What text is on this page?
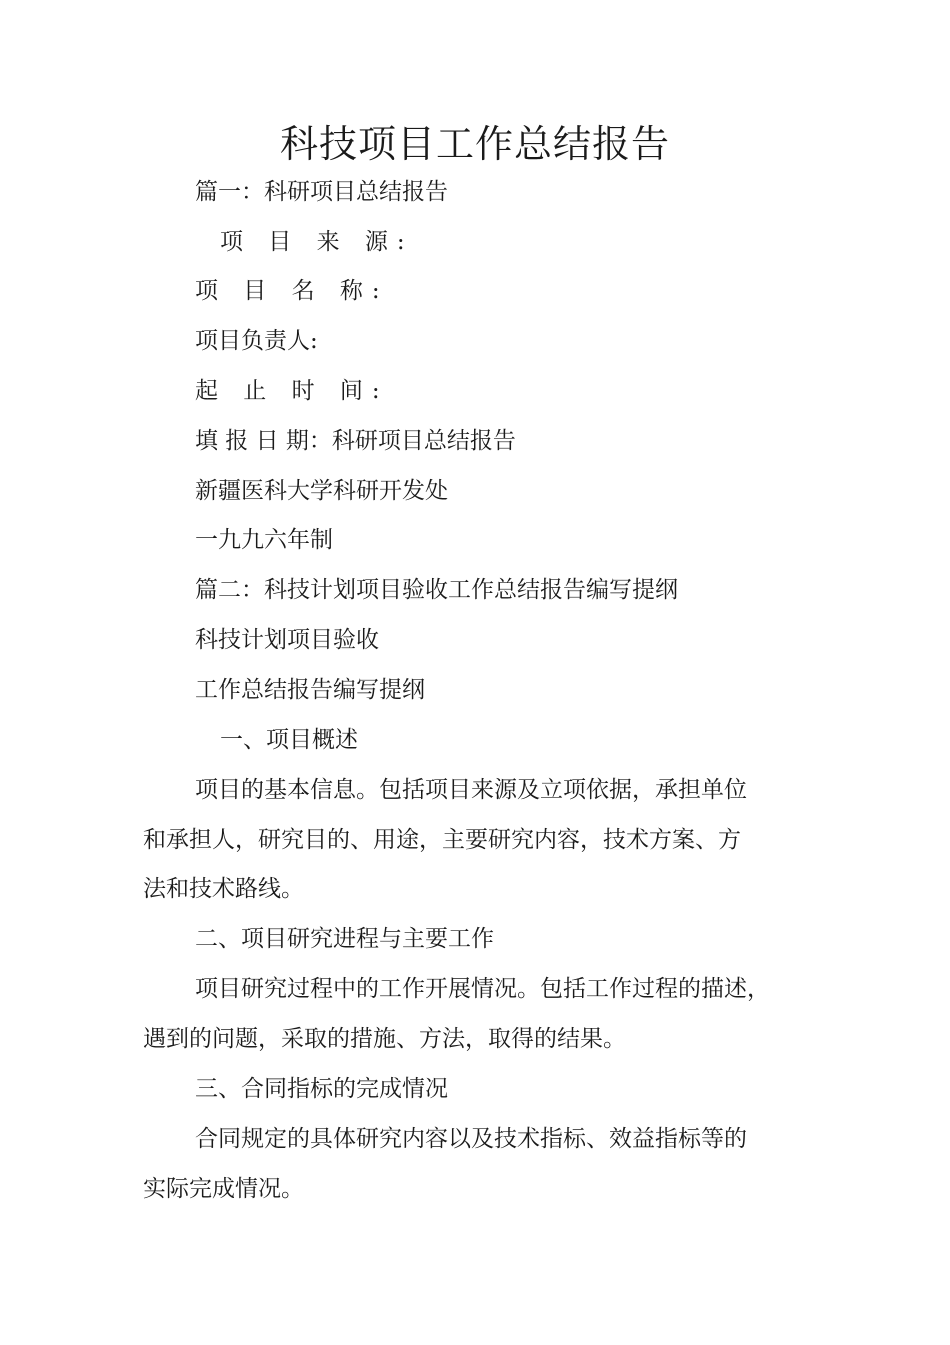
科技项目工作总结报告

篇一：科研项目总结报告

项 目 来 源:

项 目 名 称:

项目负责人:

起 止 时 间:

填 报 日 期：科研项目总结报告

新疆医科大学科研开发处

一九九六年制

篇二：科技计划项目验收工作总结报告编写提纲

科技计划项目验收

工作总结报告编写提纲

一、项目概述

项目的基本信息。包括项目来源及立项依据，承担单位

和承担人，研究目的、用途，主要研究内容，技术方案、方

法和技术路线。

二、项目研究进程与主要工作

项目研究过程中的工作开展情况。包括工作过程的描述，

遇到的问题，采取的措施、方法，取得的结果。

三、合同指标的完成情况

合同规定的具体研究内容以及技术指标、效益指标等的

实际完成情况。
